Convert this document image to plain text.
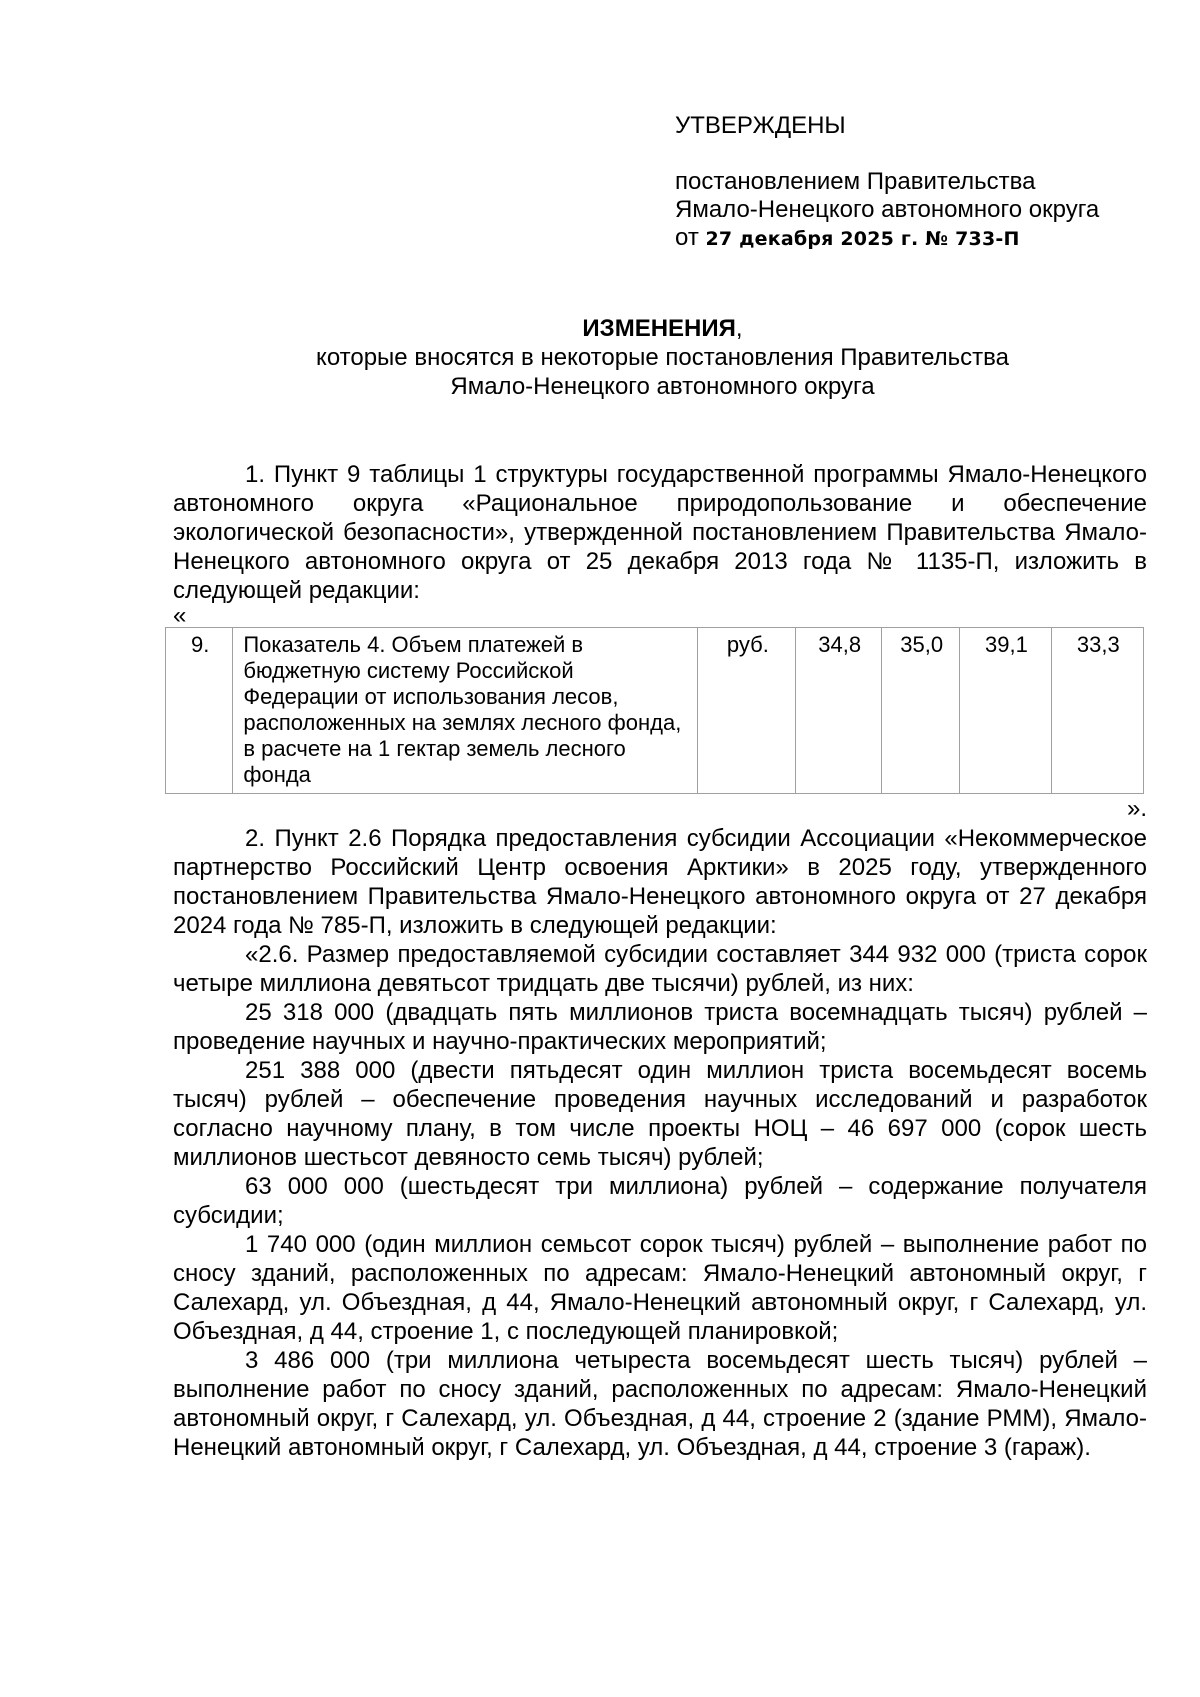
УТВЕРЖДЕНЫ
постановлением Правительства
Ямало-Ненецкого автономного округа
от 27 декабря 2025 г. № 733-П
ИЗМЕНЕНИЯ,
которые вносятся в некоторые постановления Правительства
Ямало-Ненецкого автономного округа

1. Пункт 9 таблицы 1 структуры государственной программы Ямало-Ненецкого автономного округа «Рациональное природопользование и обеспечение экологической безопасности», утвержденной постановлением Правительства Ямало-Ненецкого автономного округа от 25 декабря 2013 года № 1135-П, изложить в следующей редакции:

«
9.	Показатель 4. Объем платежей в бюджетную систему Российской Федерации от использования лесов, расположенных на землях лесного фонда, в расчете на 1 гектар земель лесного фонда	руб.	34,8	35,0	39,1	33,3
».

2. Пункт 2.6 Порядка предоставления субсидии Ассоциации «Некоммерческое партнерство Российский Центр освоения Арктики» в 2025 году, утвержденного постановлением Правительства Ямало-Ненецкого автономного округа от 27 декабря 2024 года № 785-П, изложить в следующей редакции:

«2.6. Размер предоставляемой субсидии составляет 344 932 000 (триста сорок четыре миллиона девятьсот тридцать две тысячи) рублей, из них:

25 318 000 (двадцать пять миллионов триста восемнадцать тысяч) рублей – проведение научных и научно-практических мероприятий;

251 388 000 (двести пятьдесят один миллион триста восемьдесят восемь тысяч) рублей – обеспечение проведения научных исследований и разработок согласно научному плану, в том числе проекты НОЦ – 46 697 000 (сорок шесть миллионов шестьсот девяносто семь тысяч) рублей;

63 000 000 (шестьдесят три миллиона) рублей – содержание получателя субсидии;

1 740 000 (один миллион семьсот сорок тысяч) рублей – выполнение работ по сносу зданий, расположенных по адресам: Ямало-Ненецкий автономный округ, г Салехард, ул. Объездная, д 44, Ямало-Ненецкий автономный округ, г Салехард, ул. Объездная, д 44, строение 1, с последующей планировкой;

3 486 000 (три миллиона четыреста восемьдесят шесть тысяч) рублей – выполнение работ по сносу зданий, расположенных по адресам: Ямало-Ненецкий автономный округ, г Салехард, ул. Объездная, д 44, строение 2 (здание РММ), Ямало-Ненецкий автономный округ, г Салехард, ул. Объездная, д 44, строение 3 (гараж).
